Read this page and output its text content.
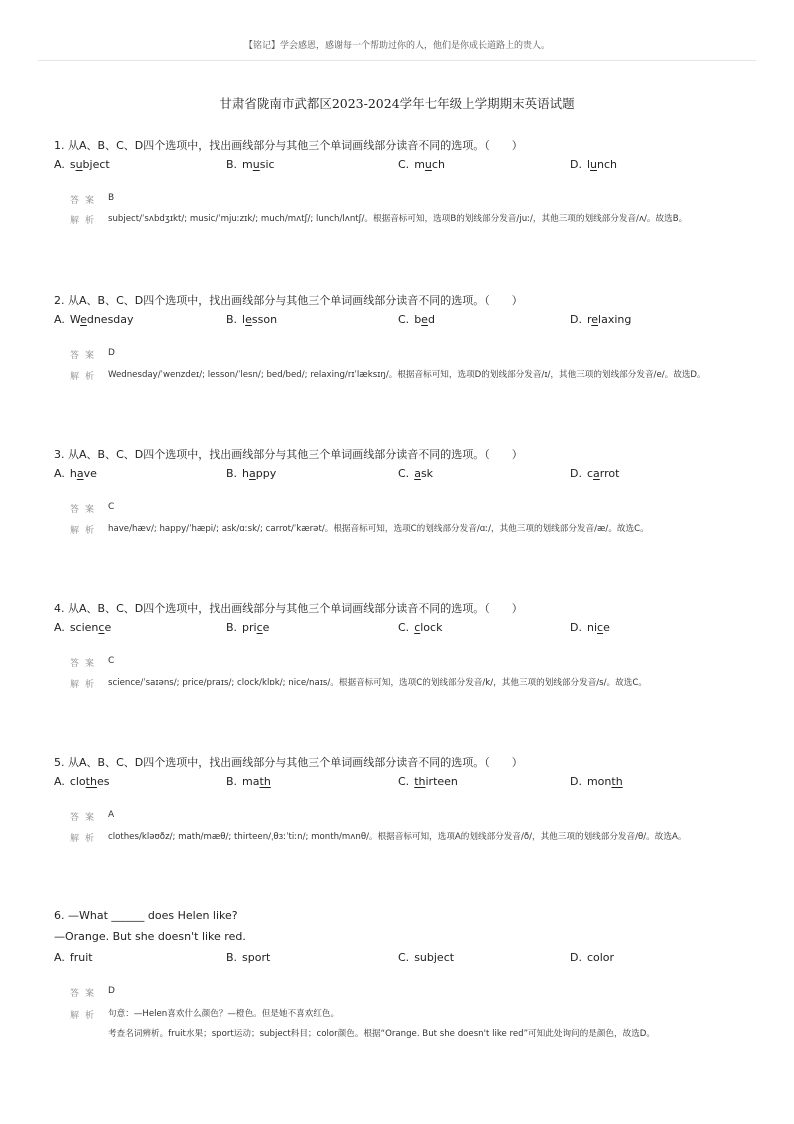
【铭记】学会感恩，感谢每一个帮助过你的人，他们是你成长道路上的贵人。
甘肃省陇南市武都区2023-2024学年七年级上学期期末英语试题
1. 从A、B、C、D四个选项中，找出画线部分与其他三个单词画线部分读音不同的选项。（　　）
A. subject	B. music	C. much	D. lunch
答案 B
解析 subject/ˈsʌbdʒɪkt/; music/ˈmjuːzɪk/; much/mʌtʃ/; lunch/lʌntʃ/。根据音标可知，选项B的划线部分发音/juː/，其他三项的划线部分发音/ʌ/。故选B。
2. 从A、B、C、D四个选项中，找出画线部分与其他三个单词画线部分读音不同的选项。（　　）
A. Wednesday	B. lesson	C. bed	D. relaxing
答案 D
解析 Wednesday/ˈwenzdeɪ/; lesson/ˈlesn/; bed/bed/; relaxing/rɪˈlæksɪŋ/。根据音标可知，选项D的划线部分发音/ɪ/，其他三项的划线部分发音/e/。故选D。
3. 从A、B、C、D四个选项中，找出画线部分与其他三个单词画线部分读音不同的选项。（　　）
A. have	B. happy	C. ask	D. carrot
答案 C
解析 have/hæv/; happy/ˈhæpi/; ask/ɑːsk/; carrot/ˈkærət/。根据音标可知，选项C的划线部分发音/ɑː/，其他三项的划线部分发音/æ/。故选C。
4. 从A、B、C、D四个选项中，找出画线部分与其他三个单词画线部分读音不同的选项。（　　）
A. science	B. price	C. clock	D. nice
答案 C
解析 science/ˈsaɪəns/; price/praɪs/; clock/klɒk/; nice/naɪs/。根据音标可知，选项C的划线部分发音/k/，其他三项的划线部分发音/s/。故选C。
5. 从A、B、C、D四个选项中，找出画线部分与其他三个单词画线部分读音不同的选项。（　　）
A. clothes	B. math	C. thirteen	D. month
答案 A
解析 clothes/kləʊðz/; math/mæθ/; thirteen/ˌθɜːˈtiːn/; month/mʌnθ/。根据音标可知，选项A的划线部分发音/ð/，其他三项的划线部分发音/θ/。故选A。
6. —What ______ does Helen like?
—Orange. But she doesn't like red.
A. fruit	B. sport	C. subject	D. color
答案 D
解析 句意：—Helen喜欢什么颜色？—橙色。但是她不喜欢红色。
考查名词辨析。fruit水果；sport运动；subject科目；color颜色。根据“Orange. But she doesn't like red”可知此处询问的是颜色，故选D。
